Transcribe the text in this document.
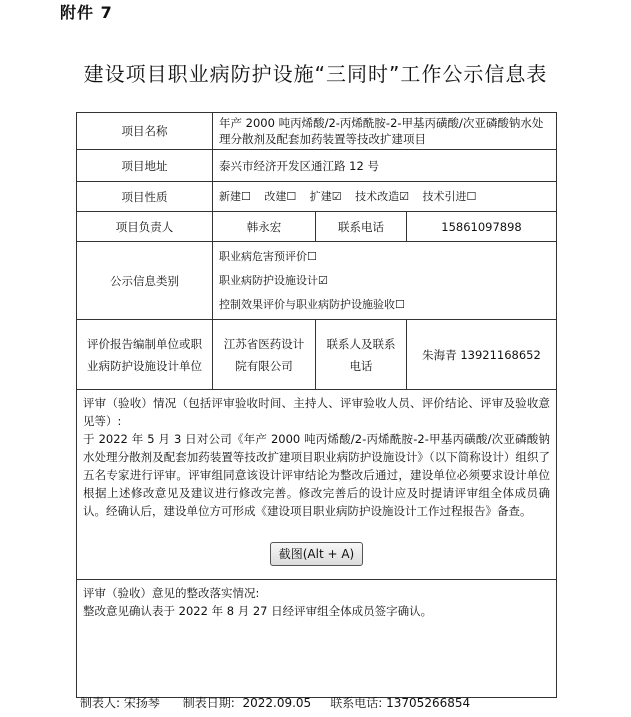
附件 7
建设项目职业病防护设施“三同时”工作公示信息表
项目名称	年产 2000 吨丙烯酸/2-丙烯酰胺-2-甲基丙磺酸/次亚磷酸钠水处理分散剂及配套加药装置等技改扩建项目		
项目地址	泰兴市经济开发区通江路 12 号		
项目性质	新建☐ 改建☐ 扩建☑ 技术改造☑ 技术引进☐		
项目负责人	韩永宏	联系电话	15861097898
公示信息类别	职业病危害预评价☐
职业病防护设施设计☑
控制效果评价与职业病防护设施验收☐		

评价报告编制单位或职业病防护设施设计单位	江苏省医药设计院有限公司	联系人及联系电话	朱海青 13921168652

评审（验收）情况（包括评审验收时间、主持人、评审验收人员、评价结论、评审及验收意见等）:
于 2022 年 5 月 3 日对公司《年产 2000 吨丙烯酸/2-丙烯酰胺-2-甲基丙磺酸/次亚磷酸钠水处理分散剂及配套加药装置等技改扩建项目职业病防护设施设计》（以下简称设计）组织了五名专家进行评审。评审组同意该设计评审结论为整改后通过，建设单位必须要求设计单位根据上述修改意见及建议进行修改完善。修改完善后的设计应及时提请评审组全体成员确认。经确认后，建设单位方可形成《建设项目职业病防护设施设计工作过程报告》备查。
截图(Alt + A)			

评审（验收）意见的整改落实情况:
整改意见确认表于 2022 年 8 月 27 日经评审组全体成员签字确认。			
制表人: 宋扬琴 制表日期: 2022.09.05 联系电话: 13705266854
